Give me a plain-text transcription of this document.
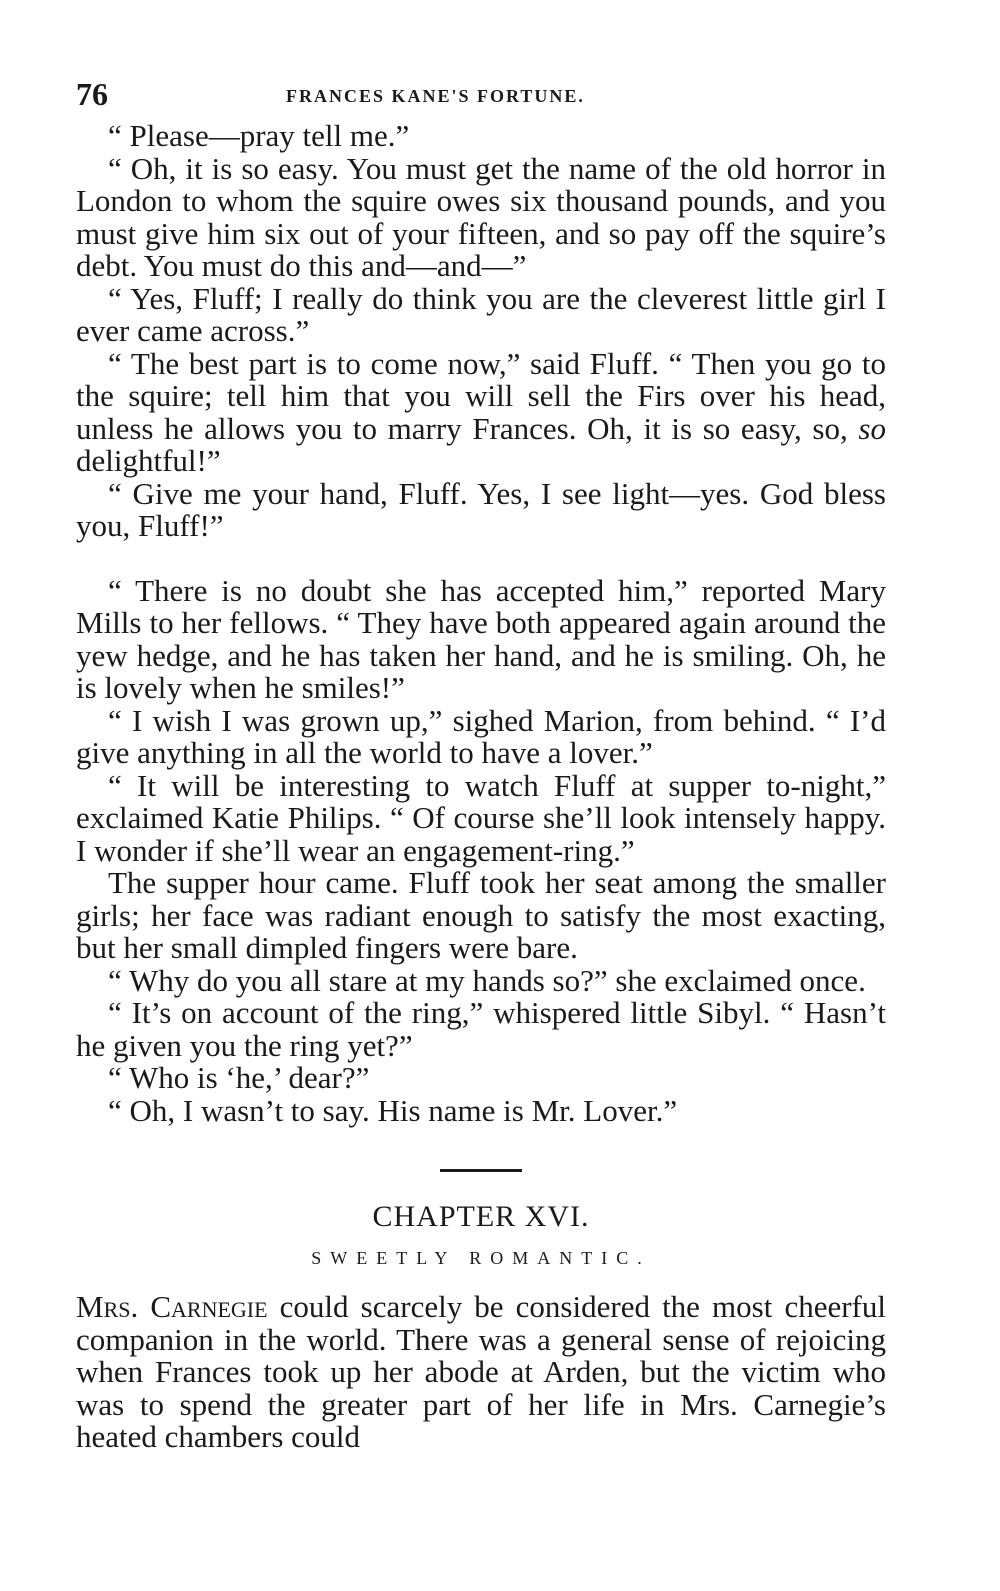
76	FRANCES KANE'S FORTUNE.

“ Please—pray tell me.”

“ Oh, it is so easy. You must get the name of the old horror in London to whom the squire owes six thousand pounds, and you must give him six out of your fifteen, and so pay off the squire’s debt. You must do this and—and—”

“ Yes, Fluff; I really do think you are the cleverest little girl I ever came across.”

“ The best part is to come now,” said Fluff. “ Then you go to the squire; tell him that you will sell the Firs over his head, unless he allows you to marry Frances. Oh, it is so easy, so, so delightful!”

“ Give me your hand, Fluff. Yes, I see light—yes. God bless you, Fluff!”

“ There is no doubt she has accepted him,” reported Mary Mills to her fellows. “ They have both appeared again around the yew hedge, and he has taken her hand, and he is smiling. Oh, he is lovely when he smiles!”

“ I wish I was grown up,” sighed Marion, from behind. “ I’d give anything in all the world to have a lover.”

“ It will be interesting to watch Fluff at supper to-night,” exclaimed Katie Philips. “ Of course she’ll look intensely happy. I wonder if she’ll wear an engagement-ring.”

The supper hour came. Fluff took her seat among the smaller girls; her face was radiant enough to satisfy the most exacting, but her small dimpled fingers were bare.

“ Why do you all stare at my hands so?” she exclaimed once.

“ It’s on account of the ring,” whispered little Sibyl. “ Hasn’t he given you the ring yet?”

“ Who is ‘he,’ dear?”

“ Oh, I wasn’t to say. His name is Mr. Lover.”

CHAPTER XVI.
SWEETLY ROMANTIC.

Mrs. Carnegie could scarcely be considered the most cheerful companion in the world. There was a general sense of rejoicing when Frances took up her abode at Arden, but the victim who was to spend the greater part of her life in Mrs. Carnegie’s heated chambers could
